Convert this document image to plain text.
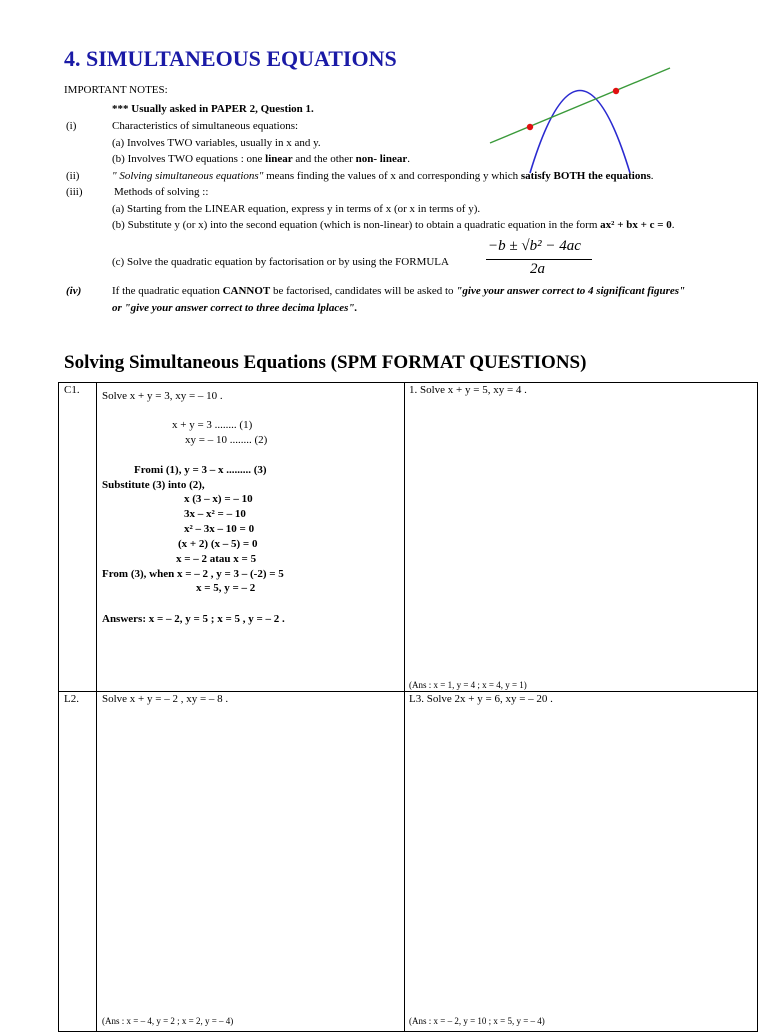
4. SIMULTANEOUS EQUATIONS
IMPORTANT NOTES:
*** Usually asked in PAPER 2, Question 1.
(i)	Characteristics of simultaneous equations:
(a) Involves TWO variables, usually in x and y.
(b) Involves TWO equations : one linear and the other non- linear.
(ii)	" Solving simultaneous equations" means finding the values of x and corresponding y which satisfy BOTH the equations.
(iii)	Methods of solving ::
(a) Starting from the LINEAR equation, express y in terms of x (or x in terms of y).
(b) Substitute y (or x) into the second equation (which is non-linear) to obtain a quadratic equation in the form ax² + bx + c = 0.
(c) Solve the quadratic equation by factorisation or by using the FORMULA
−b ± √b² − 4ac
2a
(iv)	If the quadratic equation CANNOT be factorised, candidates will be asked to "give your answer correct to 4 significant figures"
or "give your answer correct to three decima lplaces".
Solving Simultaneous Equations (SPM FORMAT QUESTIONS)
C1. Solve x + y = 3, xy = – 10 .
x + y = 3 ........ (1)
xy = – 10 ........ (2)
Fromi (1), y = 3 – x ......... (3)
Substitute (3) into (2),
x (3 – x) = – 10
3x – x² = – 10
x² – 3x – 10 = 0
(x + 2) (x – 5) = 0
x = – 2 atau x = 5
From (3), when x = – 2 , y = 3 – (-2) = 5
x = 5, y = – 2
Answers: x = – 2, y = 5 ; x = 5 , y = – 2 .
1. Solve x + y = 5, xy = 4 .
(Ans : x = 1, y = 4 ; x = 4, y = 1)
L2. Solve x + y = – 2 , xy = – 8 .
(Ans : x = – 4, y = 2 ; x = 2, y = – 4)
L3. Solve 2x + y = 6, xy = – 20 .
(Ans : x = – 2, y = 10 ; x = 5, y = – 4)
